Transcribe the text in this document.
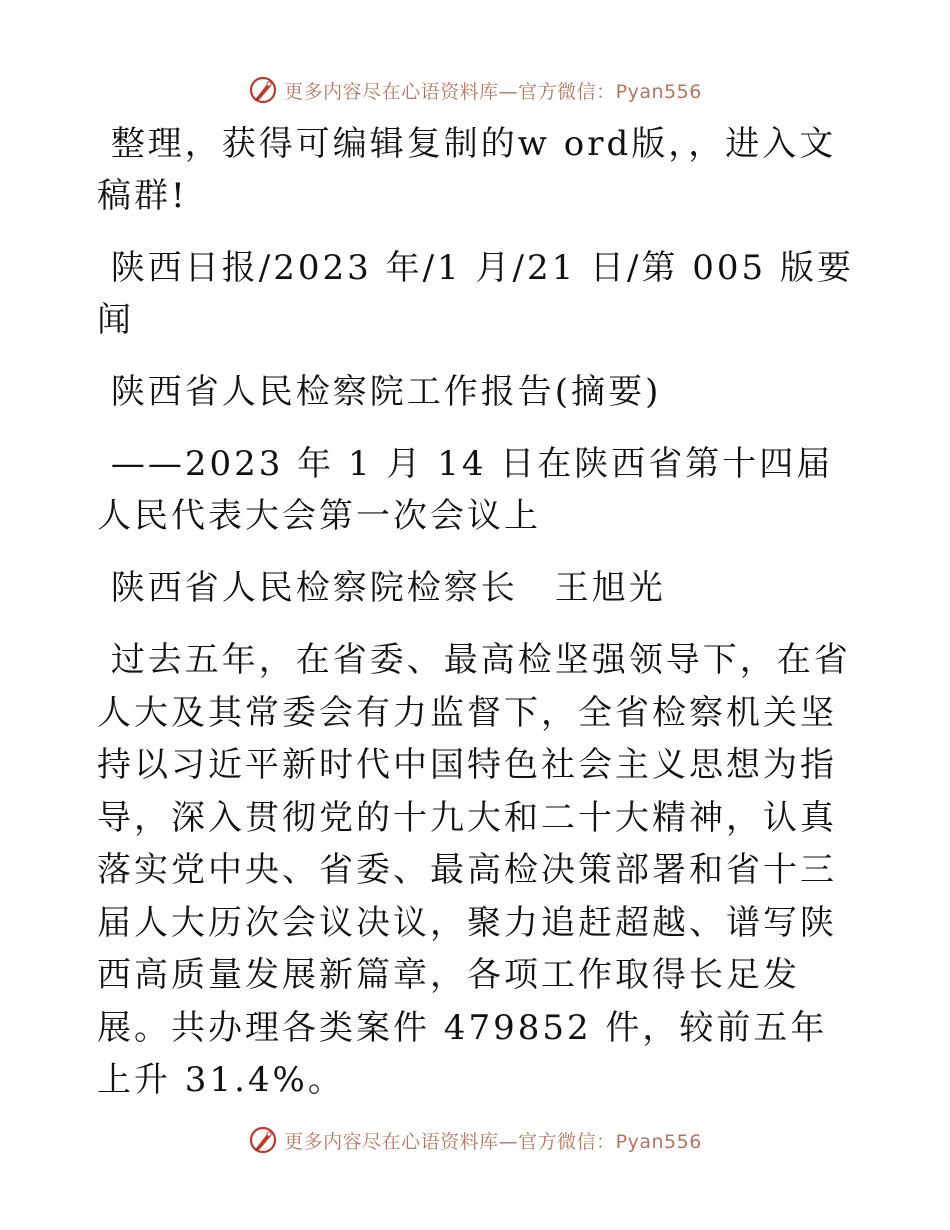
更多内容尽在心语资料库—官方微信：Pyan556

整理，获得可编辑复制的w ord版，，进入文稿群!

陕西日报/2023 年/1 月/21 日/第 005 版要闻

陕西省人民检察院工作报告(摘要)

——2023 年 1 月 14 日在陕西省第十四届人民代表大会第一次会议上

陕西省人民检察院检察长　王旭光

过去五年，在省委、最高检坚强领导下，在省人大及其常委会有力监督下，全省检察机关坚持以习近平新时代中国特色社会主义思想为指导，深入贯彻党的十九大和二十大精神，认真落实党中央、省委、最高检决策部署和省十三届人大历次会议决议，聚力追赶超越、谱写陕西高质量发展新篇章，各项工作取得长足发展。共办理各类案件 479852 件，较前五年上升 31.4%。

更多内容尽在心语资料库—官方微信：Pyan556
